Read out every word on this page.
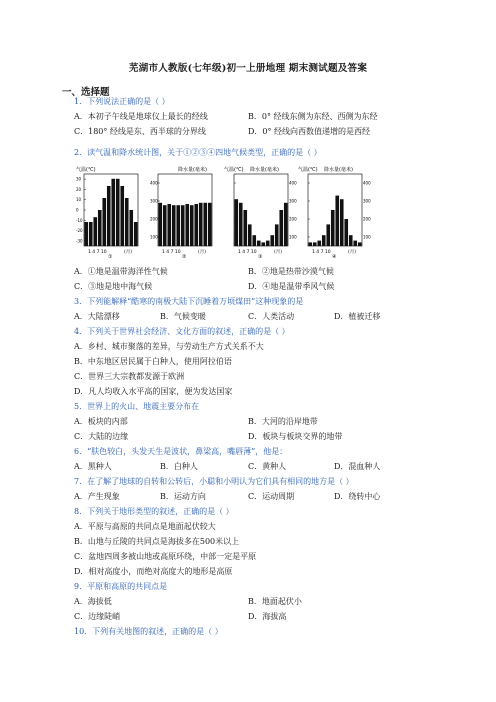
芜湖市人教版(七年级)初一上册地理 期末测试题及答案
一、选择题
1．下列说法正确的是（ ）
A．本初子午线是地球仪上最长的经线	B．0° 经线东侧为东经、西侧为东经
C．180° 经线是东、西半球的分界线	D．0° 经线向西数值递增的是西经
2．读气温和降水统计图，关于①②③④四地气候类型，正确的是（ ）
A．①地是温带海洋性气候	B．②地是热带沙漠气候
C．③地是地中海气候	D．④地是温带季风气候
3．下列能解释“酷寒的南极大陆下沉睡着万顷煤田”这种现象的是
A．大陆漂移	B．气候变暖	C．人类活动	D．植被迁移
4．下列关于世界社会经济、文化方面的叙述，正确的是（ ）
A．乡村、城市聚落的差异，与劳动生产方式关系不大
B．中东地区居民属于白种人，使用阿拉伯语
C．世界三大宗教都发源于欧洲
D．凡人均收入水平高的国家，便为发达国家
5．世界上的火山、地震主要分布在
A．板块的内部	B．大河的沿岸地带
C．大陆的边缘	D．板块与板块交界的地带
6．“肤色较白，头发天生是波状，鼻梁高，嘴唇薄”，他是：
A．黑种人	B．白种人	C．黄种人	D．混血种人
7．在了解了地球的自转和公转后，小聪和小明认为它们具有相同的地方是（ ）
A．产生现象	B．运动方向	C．运动周期	D．绕转中心
8．下列关于地形类型的叙述，正确的是（ ）
A．平原与高原的共同点是地面起伏较大
B．山地与丘陵的共同点是海拔多在500米以上
C．盆地四周多被山地或高原环绕，中部一定是平原
D．相对高度小，而绝对高度大的地形是高原
9．平原和高原的共同点是
A．海拔低	B．地面起伏小
C．边缘陡峭	D．海拔高
10．下列有关地图的叙述，正确的是（ ）
气温(℃)
30
20
10
0
-10
-20
-30
1 4 7 10	(月)
①
降水量(毫米)
400
300
200
100
1 4 7 10	(月)
②
气温(℃) 降水量(毫米)
400
300
200
100
1 4 7 10	(月)
③
气温(℃) 降水量(毫米)
400
300
200
100
1 4 7 10	(月)
④
